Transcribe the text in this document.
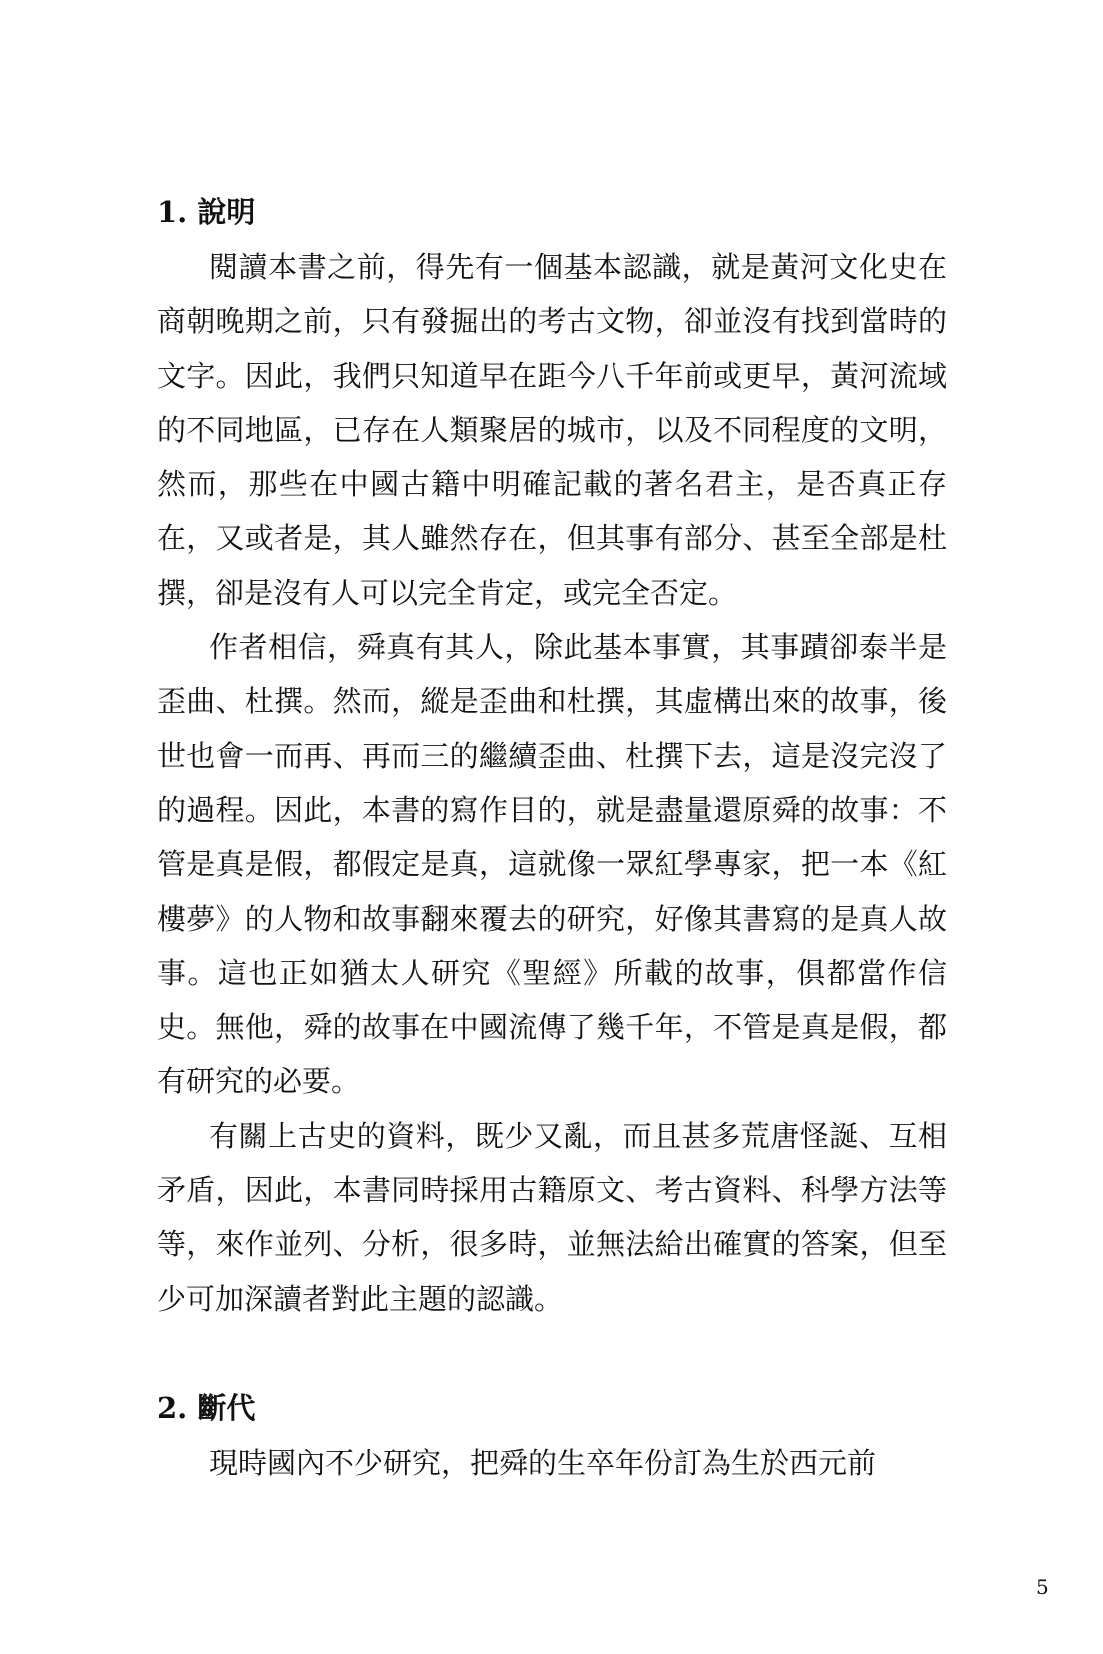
1. 說明

閱讀本書之前，得先有一個基本認識，就是黃河文化史在商朝晚期之前，只有發掘出的考古文物，卻並沒有找到當時的文字。因此，我們只知道早在距今八千年前或更早，黃河流域的不同地區，已存在人類聚居的城市，以及不同程度的文明，然而，那些在中國古籍中明確記載的著名君主，是否真正存在，又或者是，其人雖然存在，但其事有部分、甚至全部是杜撰，卻是沒有人可以完全肯定，或完全否定。

作者相信，舜真有其人，除此基本事實，其事蹟卻泰半是歪曲、杜撰。然而，縱是歪曲和杜撰，其虛構出來的故事，後世也會一而再、再而三的繼續歪曲、杜撰下去，這是沒完沒了的過程。因此，本書的寫作目的，就是盡量還原舜的故事：不管是真是假，都假定是真，這就像一眾紅學專家，把一本《紅樓夢》的人物和故事翻來覆去的研究，好像其書寫的是真人故事。這也正如猶太人研究《聖經》所載的故事，俱都當作信史。無他，舜的故事在中國流傳了幾千年，不管是真是假，都有研究的必要。

有關上古史的資料，既少又亂，而且甚多荒唐怪誕、互相矛盾，因此，本書同時採用古籍原文、考古資料、科學方法等等，來作並列、分析，很多時，並無法給出確實的答案，但至少可加深讀者對此主題的認識。

2. 斷代

現時國內不少研究，把舜的生卒年份訂為生於西元前

5
